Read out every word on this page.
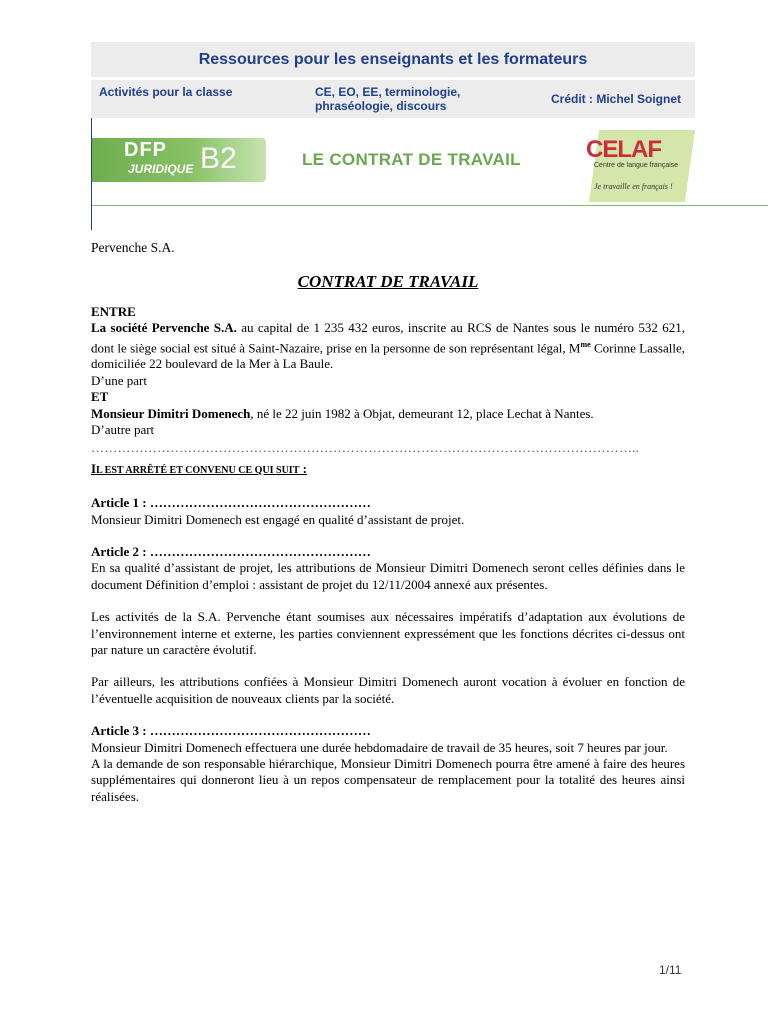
Ressources pour les enseignants et les formateurs
Activités pour la classe	CE, EO, EE, terminologie, phraséologie, discours	Crédit : Michel Soignet
DFP
JURIDIQUE B2	LE CONTRAT DE TRAVAIL	CELAF
Centre de langue française
Je travaille en français !

Pervenche S.A.

CONTRAT DE TRAVAIL

ENTRE

La société Pervenche S.A. au capital de 1 235 432 euros, inscrite au RCS de Nantes sous le numéro 532 621, dont le siège social est situé à Saint-Nazaire, prise en la personne de son représentant légal, $M^{me}$ Corinne Lassalle, domiciliée 22 boulevard de la Mer à La Baule.

D’une part

ET

Monsieur Dimitri Domenech, né le 22 juin 1982 à Objat, demeurant 12, place Lechat à Nantes.

D’autre part

……………………………………………………………………………………………………………..

IL EST ARRÊTÉ ET CONVENU CE QUI SUIT :

Article 1 : ……………………………………………

Monsieur Dimitri Domenech est engagé en qualité d’assistant de projet.

Article 2 : ……………………………………………

En sa qualité d’assistant de projet, les attributions de Monsieur Dimitri Domenech seront celles définies dans le document Définition d’emploi : assistant de projet du 12/11/2004 annexé aux présentes.

Les activités de la S.A. Pervenche étant soumises aux nécessaires impératifs d’adaptation aux évolutions de l’environnement interne et externe, les parties conviennent expressément que les fonctions décrites ci-dessus ont par nature un caractère évolutif.

Par ailleurs, les attributions confiées à Monsieur Dimitri Domenech auront vocation à évoluer en fonction de l’éventuelle acquisition de nouveaux clients par la société.

Article 3 : ……………………………………………

Monsieur Dimitri Domenech effectuera une durée hebdomadaire de travail de 35 heures, soit 7 heures par jour.

A la demande de son responsable hiérarchique, Monsieur Dimitri Domenech pourra être amené à faire des heures supplémentaires qui donneront lieu à un repos compensateur de remplacement pour la totalité des heures ainsi réalisées.

1/11
